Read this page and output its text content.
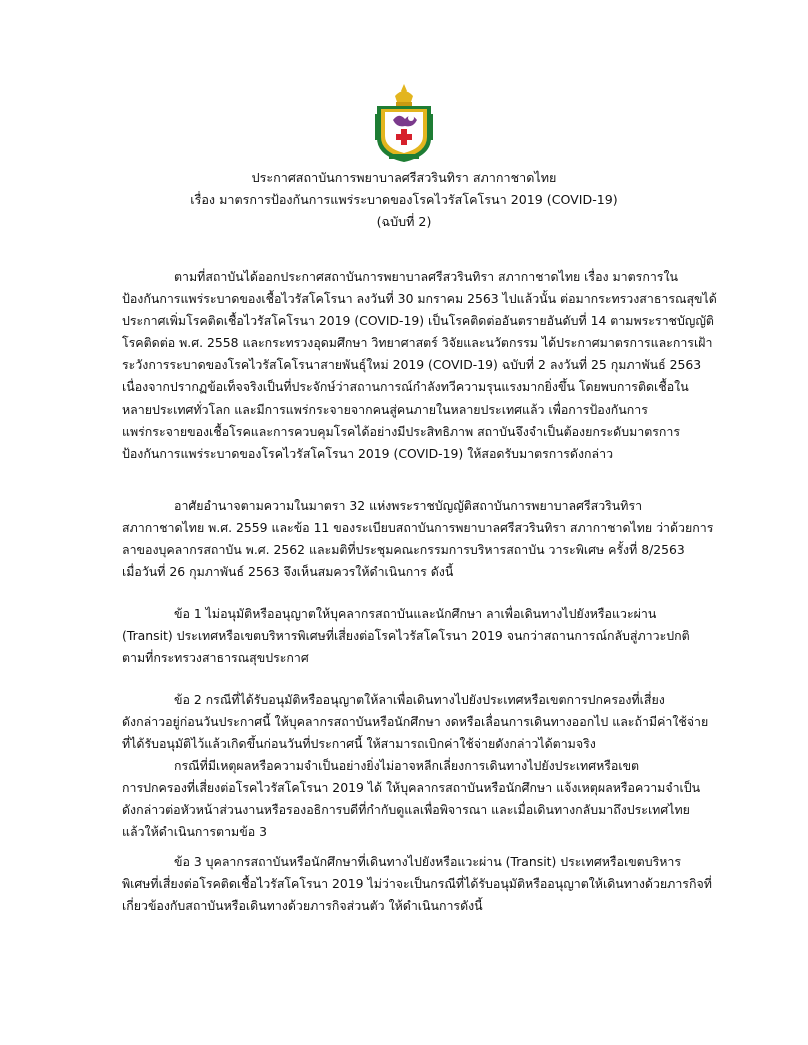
ประกาศสถาบันการพยาบาลศรีสวรินทิรา สภากาชาดไทย
เรื่อง มาตรการป้องกันการแพร่ระบาดของโรคไวรัสโคโรนา 2019 (COVID-19)
(ฉบับที่ 2)
ตามที่สถาบันได้ออกประกาศสถาบันการพยาบาลศรีสวรินทิรา สภากาชาดไทย เรื่อง มาตรการใน
ป้องกันการแพร่ระบาดของเชื้อไวรัสโคโรนา ลงวันที่ 30 มกราคม 2563 ไปแล้วนั้น ต่อมากระทรวงสาธารณสุขได้
ประกาศเพิ่มโรคติดเชื้อไวรัสโคโรนา 2019 (COVID-19) เป็นโรคติดต่ออันตรายอันดับที่ 14 ตามพระราชบัญญัติ
โรคติดต่อ พ.ศ. 2558 และกระทรวงอุดมศึกษา วิทยาศาสตร์ วิจัยและนวัตกรรม ได้ประกาศมาตรการและการเฝ้า
ระวังการระบาดของโรคไวรัสโคโรนาสายพันธุ์ใหม่ 2019 (COVID-19) ฉบับที่ 2 ลงวันที่ 25 กุมภาพันธ์ 2563
เนื่องจากปรากฏข้อเท็จจริงเป็นที่ประจักษ์ว่าสถานการณ์กำลังทวีความรุนแรงมากยิ่งขึ้น โดยพบการติดเชื้อใน
หลายประเทศทั่วโลก และมีการแพร่กระจายจากคนสู่คนภายในหลายประเทศแล้ว เพื่อการป้องกันการ
แพร่กระจายของเชื้อโรคและการควบคุมโรคได้อย่างมีประสิทธิภาพ สถาบันจึงจำเป็นต้องยกระดับมาตรการ
ป้องกันการแพร่ระบาดของโรคไวรัสโคโรนา 2019 (COVID-19) ให้สอดรับมาตรการดังกล่าว
อาศัยอำนาจตามความในมาตรา 32 แห่งพระราชบัญญัติสถาบันการพยาบาลศรีสวรินทิรา
สภากาชาดไทย พ.ศ. 2559 และข้อ 11 ของระเบียบสถาบันการพยาบาลศรีสวรินทิรา สภากาชาดไทย ว่าด้วยการ
ลาของบุคลากรสถาบัน พ.ศ. 2562 และมติที่ประชุมคณะกรรมการบริหารสถาบัน วาระพิเศษ ครั้งที่ 8/2563
เมื่อวันที่ 26 กุมภาพันธ์ 2563 จึงเห็นสมควรให้ดำเนินการ ดังนี้
ข้อ 1 ไม่อนุมัติหรืออนุญาตให้บุคลากรสถาบันและนักศึกษา ลาเพื่อเดินทางไปยังหรือแวะผ่าน
(Transit) ประเทศหรือเขตบริหารพิเศษที่เสี่ยงต่อโรคไวรัสโคโรนา 2019 จนกว่าสถานการณ์กลับสู่ภาวะปกติ
ตามที่กระทรวงสาธารณสุขประกาศ
ข้อ 2 กรณีที่ได้รับอนุมัติหรืออนุญาตให้ลาเพื่อเดินทางไปยังประเทศหรือเขตการปกครองที่เสี่ยง
ดังกล่าวอยู่ก่อนวันประกาศนี้ ให้บุคลากรสถาบันหรือนักศึกษา งดหรือเลื่อนการเดินทางออกไป และถ้ามีค่าใช้จ่าย
ที่ได้รับอนุมัติไว้แล้วเกิดขึ้นก่อนวันที่ประกาศนี้ ให้สามารถเบิกค่าใช้จ่ายดังกล่าวได้ตามจริง
กรณีที่มีเหตุผลหรือความจำเป็นอย่างยิ่งไม่อาจหลีกเลี่ยงการเดินทางไปยังประเทศหรือเขต
การปกครองที่เสี่ยงต่อโรคไวรัสโคโรนา 2019 ได้ ให้บุคลากรสถาบันหรือนักศึกษา แจ้งเหตุผลหรือความจำเป็น
ดังกล่าวต่อหัวหน้าส่วนงานหรือรองอธิการบดีที่กำกับดูแลเพื่อพิจารณา และเมื่อเดินทางกลับมาถึงประเทศไทย
แล้วให้ดำเนินการตามข้อ 3
ข้อ 3 บุคลากรสถาบันหรือนักศึกษาที่เดินทางไปยังหรือแวะผ่าน (Transit) ประเทศหรือเขตบริหาร
พิเศษที่เสี่ยงต่อโรคติดเชื้อไวรัสโคโรนา 2019 ไม่ว่าจะเป็นกรณีที่ได้รับอนุมัติหรืออนุญาตให้เดินทางด้วยภารกิจที่
เกี่ยวข้องกับสถาบันหรือเดินทางด้วยภารกิจส่วนตัว ให้ดำเนินการดังนี้
